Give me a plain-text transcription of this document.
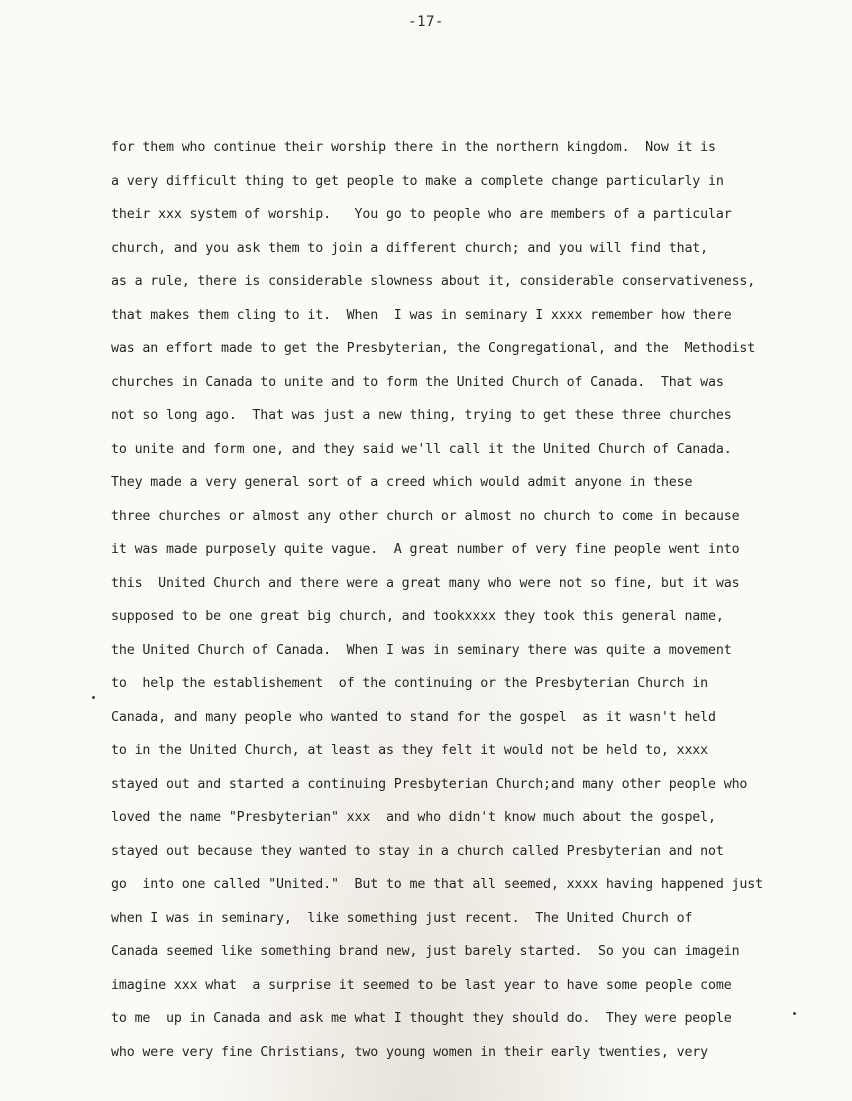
-17-
for them who continue their worship there in the northern kingdom.  Now it is
a very difficult thing to get people to make a complete change particularly in
their xxx system of worship.   You go to people who are members of a particular
church, and you ask them to join a different church; and you will find that,
as a rule, there is considerable slowness about it, considerable conservativeness,
that makes them cling to it.  When  I was in seminary I xxxx remember how there
was an effort made to get the Presbyterian, the Congregational, and the  Methodist
churches in Canada to unite and to form the United Church of Canada.  That was
not so long ago.  That was just a new thing, trying to get these three churches
to unite and form one, and they said we'll call it the United Church of Canada.
They made a very general sort of a creed which would admit anyone in these
three churches or almost any other church or almost no church to come in because
it was made purposely quite vague.  A great number of very fine people went into
this  United Church and there were a great many who were not so fine, but it was
supposed to be one great big church, and tookxxxx they took this general name,
the United Church of Canada.  When I was in seminary there was quite a movement
to  help the establishement  of the continuing or the Presbyterian Church in
Canada, and many people who wanted to stand for the gospel  as it wasn't held
to in the United Church, at least as they felt it would not be held to, xxxx
stayed out and started a continuing Presbyterian Church;and many other people who
loved the name "Presbyterian" xxx  and who didn't know much about the gospel,
stayed out because they wanted to stay in a church called Presbyterian and not
go  into one called "United."  But to me that all seemed, xxxx having happened just
when I was in seminary,  like something just recent.  The United Church of
Canada seemed like something brand new, just barely started.  So you can imagein
imagine xxx what  a surprise it seemed to be last year to have some people come
to me  up in Canada and ask me what I thought they should do.  They were people
who were very fine Christians, two young women in their early twenties, very
